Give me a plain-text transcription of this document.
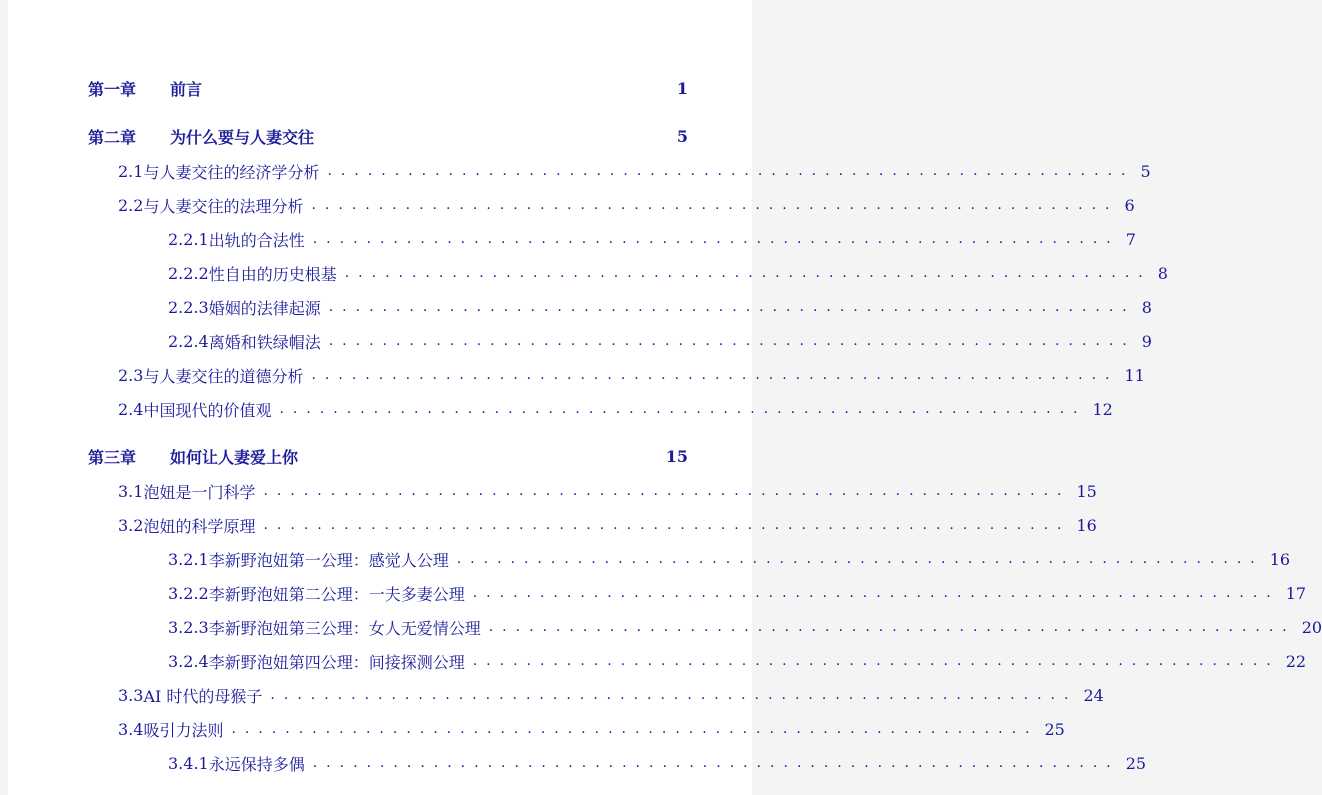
第一章	前言	1
第二章	为什么要与人妻交往	5
2.1 与人妻交往的经济学分析 ............................................................ 5
2.2 与人妻交往的法理分析 ............................................................ 6
2.2.1 出轨的合法性 ............................................................ 7
2.2.2 性自由的历史根基 ............................................................ 8
2.2.3 婚姻的法律起源 ............................................................ 8
2.2.4 离婚和铁绿帽法 ............................................................ 9
2.3 与人妻交往的道德分析 ............................................................ 11
2.4 中国现代的价值观 ............................................................ 12
第三章	如何让人妻爱上你	15
3.1 泡妞是一门科学 ............................................................ 15
3.2 泡妞的科学原理 ............................................................ 16
3.2.1 李新野泡妞第一公理：感觉人公理 ............................................................ 16
3.2.2 李新野泡妞第二公理：一夫多妻公理 ............................................................ 17
3.2.3 李新野泡妞第三公理：女人无爱情公理 ............................................................ 20
3.2.4 李新野泡妞第四公理：间接探测公理 ............................................................ 22
3.3 AI 时代的母猴子 ............................................................ 24
3.4 吸引力法则 ............................................................ 25
3.4.1 永远保持多偶 ............................................................ 25
